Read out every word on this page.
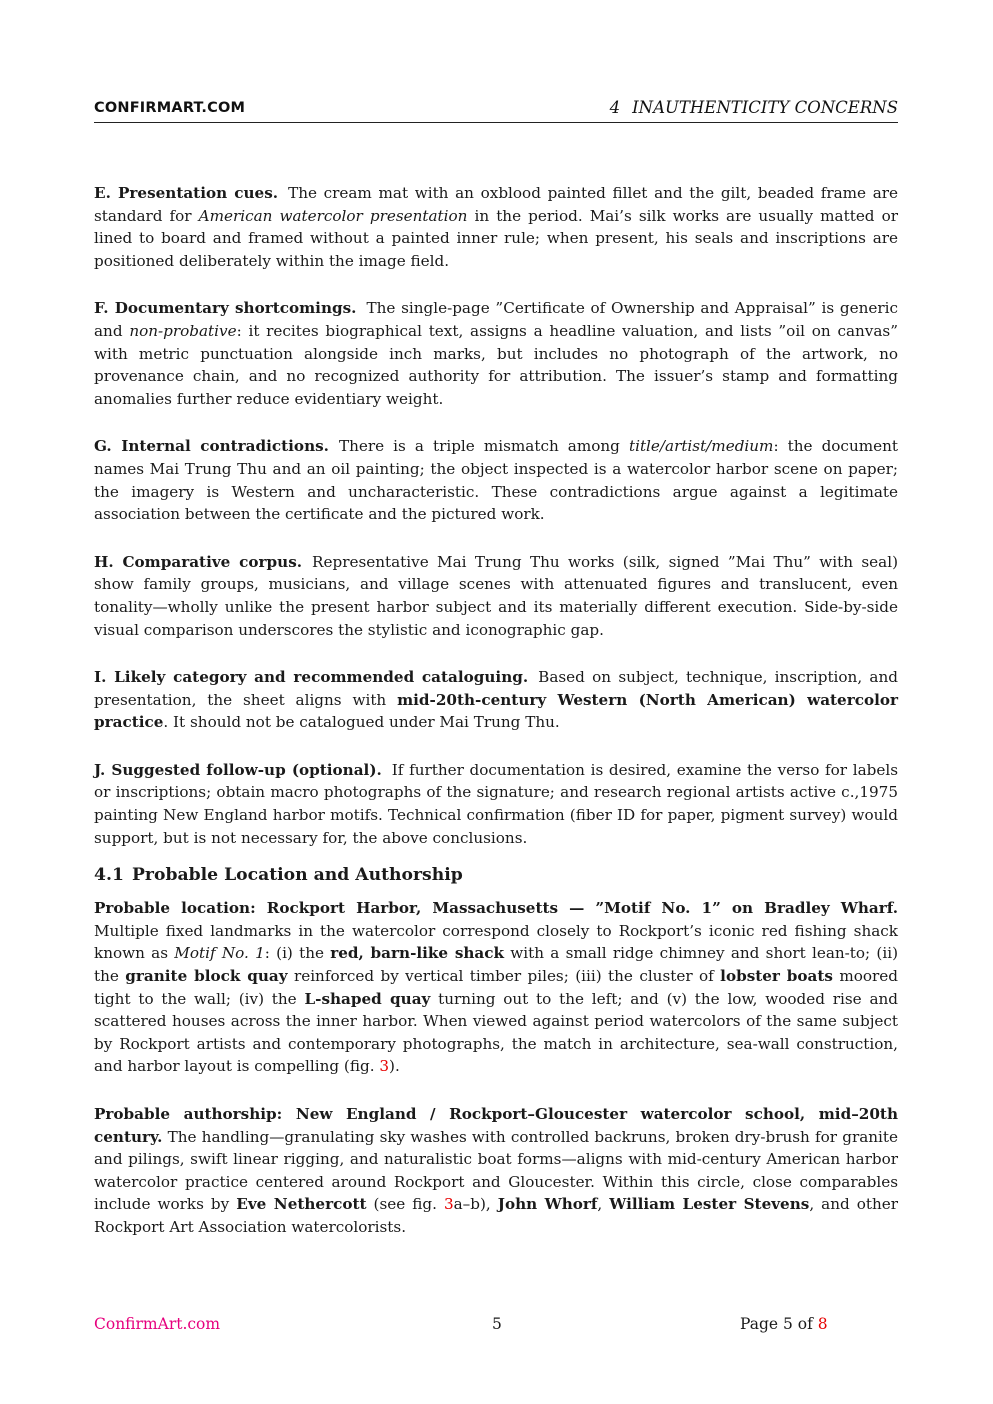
CONFIRMART.COM	4 INAUTHENTICITY CONCERNS

E. Presentation cues. The cream mat with an oxblood painted fillet and the gilt, beaded frame are standard for American watercolor presentation in the period. Mai’s silk works are usually matted or lined to board and framed without a painted inner rule; when present, his seals and inscriptions are positioned deliberately within the image field.

F. Documentary shortcomings. The single-page ”Certificate of Ownership and Appraisal” is generic and non-probative: it recites biographical text, assigns a headline valuation, and lists ”oil on canvas” with metric punctuation alongside inch marks, but includes no photograph of the artwork, no provenance chain, and no recognized authority for attribution. The issuer’s stamp and formatting anomalies further reduce evidentiary weight.

G. Internal contradictions. There is a triple mismatch among title/artist/medium: the document names Mai Trung Thu and an oil painting; the object inspected is a watercolor harbor scene on paper; the imagery is Western and uncharacteristic. These contradictions argue against a legitimate association between the certificate and the pictured work.

H. Comparative corpus. Representative Mai Trung Thu works (silk, signed ”Mai Thu” with seal) show family groups, musicians, and village scenes with attenuated figures and translucent, even tonality—wholly unlike the present harbor subject and its materially different execution. Side-by-side visual comparison underscores the stylistic and iconographic gap.

I. Likely category and recommended cataloguing. Based on subject, technique, inscription, and presentation, the sheet aligns with mid-20th-century Western (North American) watercolor practice. It should not be catalogued under Mai Trung Thu.

J. Suggested follow-up (optional). If further documentation is desired, examine the verso for labels or inscriptions; obtain macro photographs of the signature; and research regional artists active c.,1975 painting New England harbor motifs. Technical confirmation (fiber ID for paper, pigment survey) would support, but is not necessary for, the above conclusions.

4.1 Probable Location and Authorship

Probable location: Rockport Harbor, Massachusetts — ”Motif No. 1” on Bradley Wharf. Multiple fixed landmarks in the watercolor correspond closely to Rockport’s iconic red fishing shack known as Motif No. 1: (i) the red, barn-like shack with a small ridge chimney and short lean-to; (ii) the granite block quay reinforced by vertical timber piles; (iii) the cluster of lobster boats moored tight to the wall; (iv) the L-shaped quay turning out to the left; and (v) the low, wooded rise and scattered houses across the inner harbor. When viewed against period watercolors of the same subject by Rockport artists and contemporary photographs, the match in architecture, sea-wall construction, and harbor layout is compelling (fig. 3).

Probable authorship: New England / Rockport–Gloucester watercolor school, mid–20th century. The handling—granulating sky washes with controlled backruns, broken dry-brush for granite and pilings, swift linear rigging, and naturalistic boat forms—aligns with mid-century American harbor watercolor practice centered around Rockport and Gloucester. Within this circle, close comparables include works by Eve Nethercott (see fig. 3a–b), John Whorf, William Lester Stevens, and other Rockport Art Association watercolorists.

ConfirmArt.com	5	Page 5 of 8
